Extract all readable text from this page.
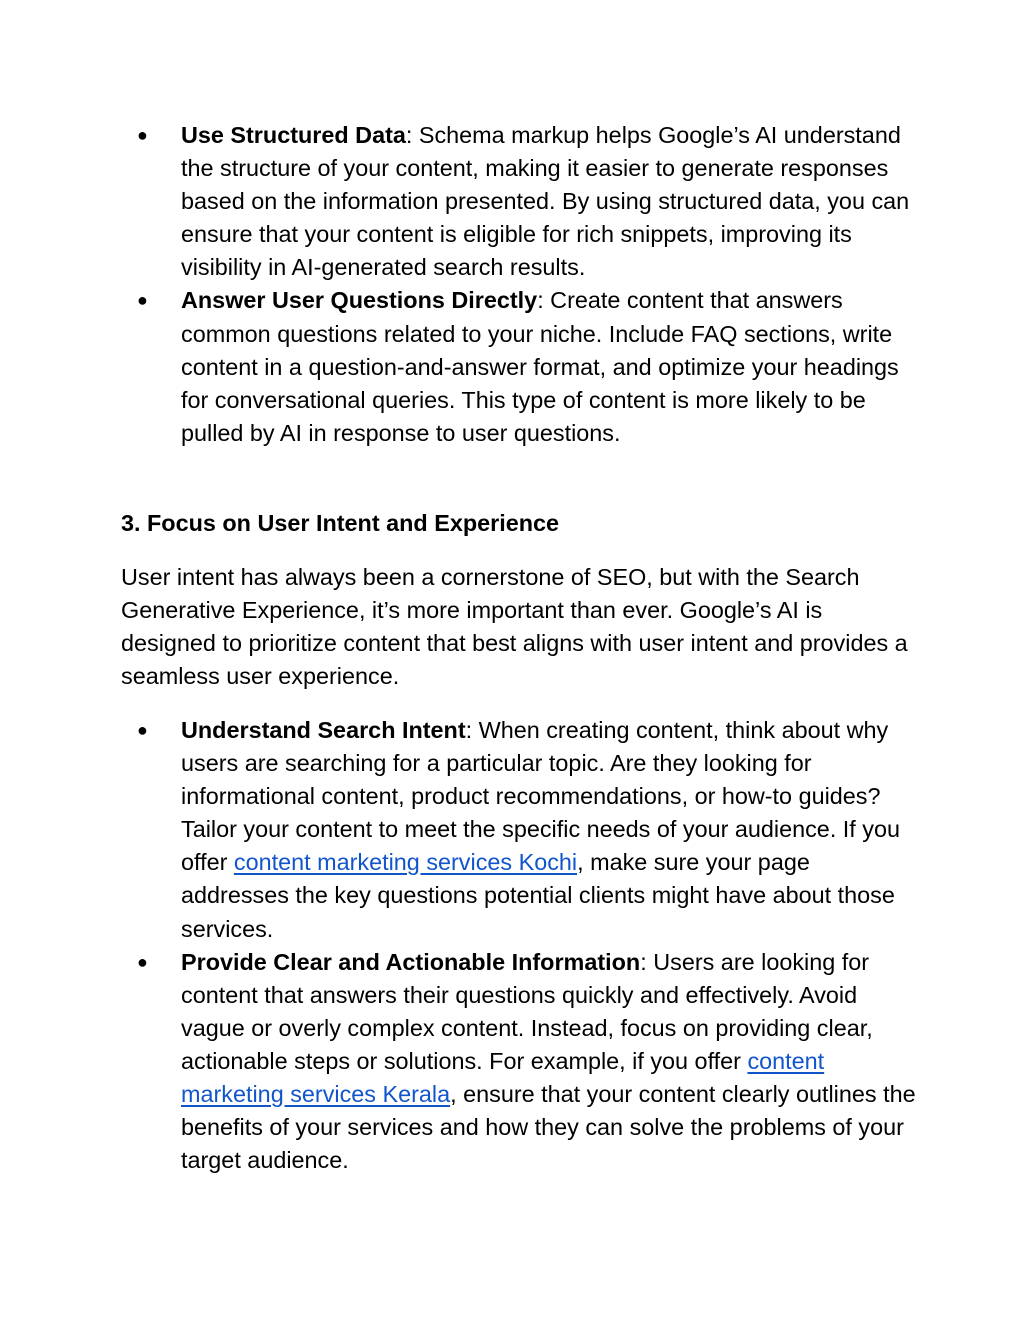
● Use Structured Data: Schema markup helps Google’s AI understand the structure of your content, making it easier to generate responses based on the information presented. By using structured data, you can ensure that your content is eligible for rich snippets, improving its visibility in AI-generated search results.
● Answer User Questions Directly: Create content that answers common questions related to your niche. Include FAQ sections, write content in a question-and-answer format, and optimize your headings for conversational queries. This type of content is more likely to be pulled by AI in response to user questions.
3. Focus on User Intent and Experience

User intent has always been a cornerstone of SEO, but with the Search Generative Experience, it’s more important than ever. Google’s AI is designed to prioritize content that best aligns with user intent and provides a seamless user experience.

● Understand Search Intent: When creating content, think about why users are searching for a particular topic. Are they looking for informational content, product recommendations, or how-to guides? Tailor your content to meet the specific needs of your audience. If you offer content marketing services Kochi, make sure your page addresses the key questions potential clients might have about those services.
● Provide Clear and Actionable Information: Users are looking for content that answers their questions quickly and effectively. Avoid vague or overly complex content. Instead, focus on providing clear, actionable steps or solutions. For example, if you offer content marketing services Kerala, ensure that your content clearly outlines the benefits of your services and how they can solve the problems of your target audience.
